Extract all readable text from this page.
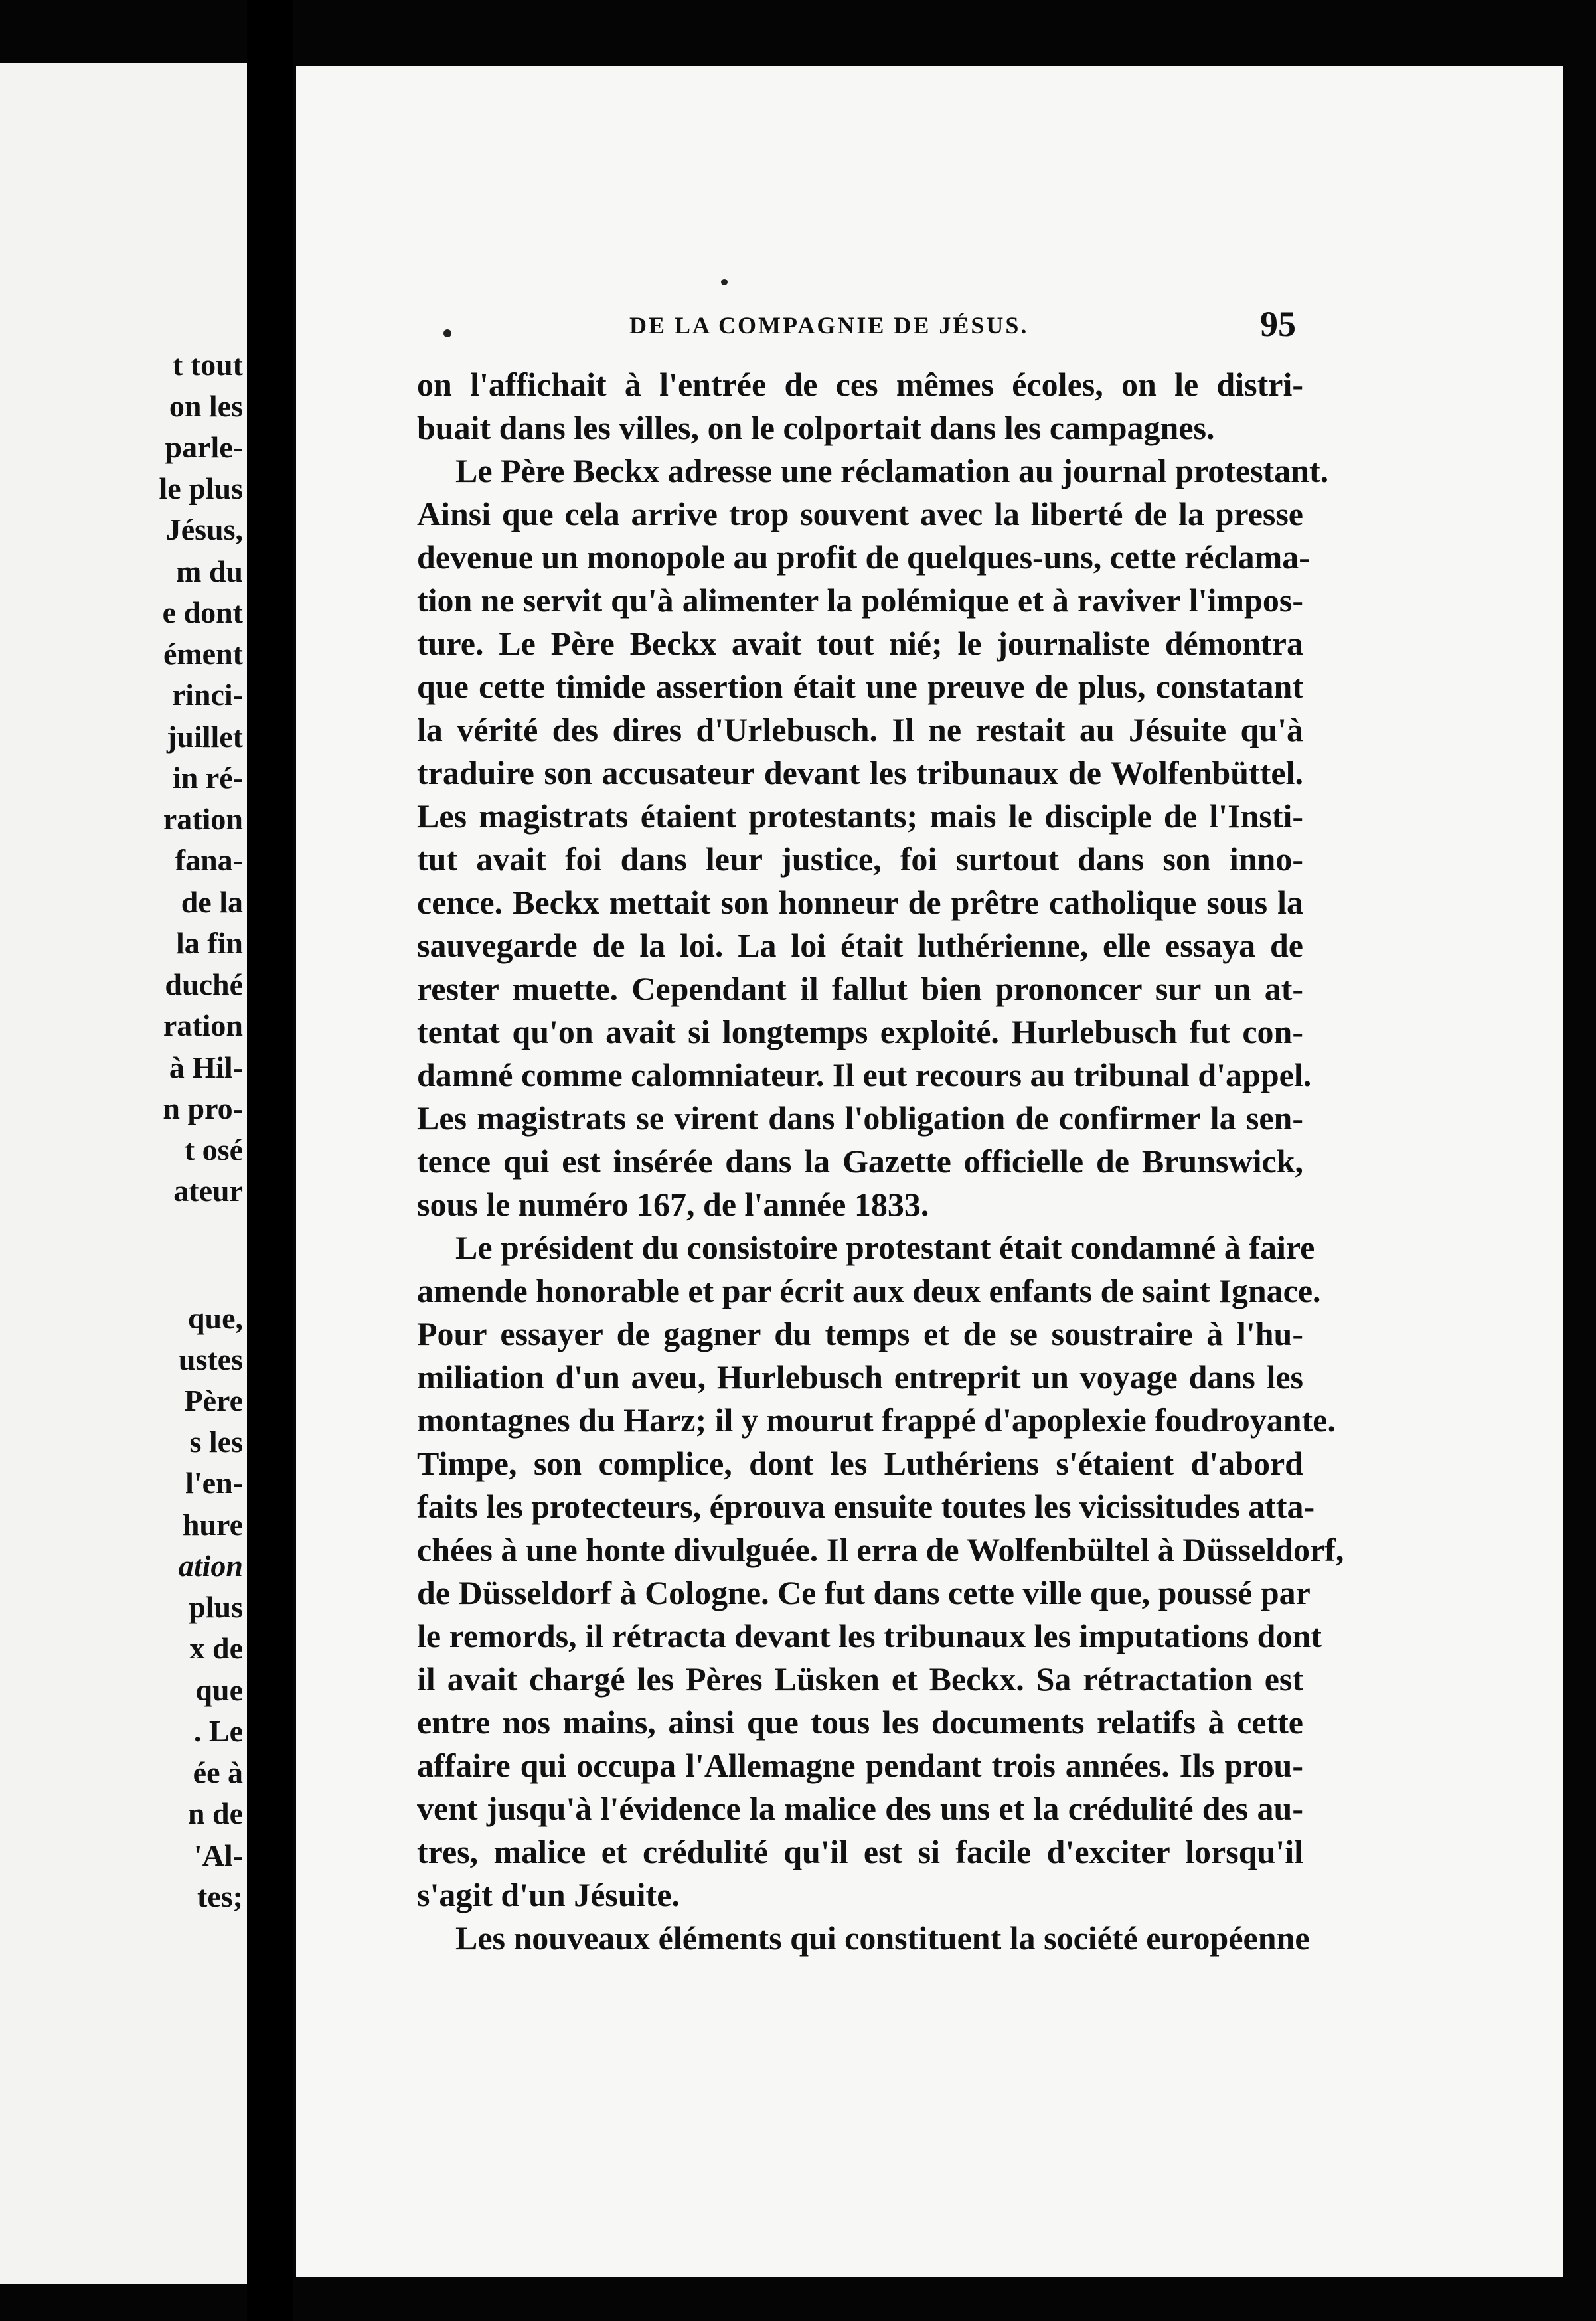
t tout
on les
parle-
le plus
Jésus,
m du
e dont
ément
rinci-
juillet
in ré-
ration
fana-
de la
la fin
duché
ration
à Hil-
n pro-
t osé
ateur
que,
ustes
Père
s les
l'en-
hure
ation
plus
x de
que
. Le
ée à
n de
'Al-
tes;
DE LA COMPAGNIE DE JÉSUS.	95
on l'affichait à l'entrée de ces mêmes écoles, on le distri-
buait dans les villes, on le colportait dans les campagnes.
Le Père Beckx adresse une réclamation au journal protestant.
Ainsi que cela arrive trop souvent avec la liberté de la presse
devenue un monopole au profit de quelques-uns, cette réclama-
tion ne servit qu'à alimenter la polémique et à raviver l'impos-
ture. Le Père Beckx avait tout nié; le journaliste démontra
que cette timide assertion était une preuve de plus, constatant
la vérité des dires d'Urlebusch. Il ne restait au Jésuite qu'à
traduire son accusateur devant les tribunaux de Wolfenbüttel.
Les magistrats étaient protestants; mais le disciple de l'Insti-
tut avait foi dans leur justice, foi surtout dans son inno-
cence. Beckx mettait son honneur de prêtre catholique sous la
sauvegarde de la loi. La loi était luthérienne, elle essaya de
rester muette. Cependant il fallut bien prononcer sur un at-
tentat qu'on avait si longtemps exploité. Hurlebusch fut con-
damné comme calomniateur. Il eut recours au tribunal d'appel.
Les magistrats se virent dans l'obligation de confirmer la sen-
tence qui est insérée dans la Gazette officielle de Brunswick,
sous le numéro 167, de l'année 1833.
Le président du consistoire protestant était condamné à faire
amende honorable et par écrit aux deux enfants de saint Ignace.
Pour essayer de gagner du temps et de se soustraire à l'hu-
miliation d'un aveu, Hurlebusch entreprit un voyage dans les
montagnes du Harz; il y mourut frappé d'apoplexie foudroyante.
Timpe, son complice, dont les Luthériens s'étaient d'abord
faits les protecteurs, éprouva ensuite toutes les vicissitudes atta-
chées à une honte divulguée. Il erra de Wolfenbültel à Düsseldorf,
de Düsseldorf à Cologne. Ce fut dans cette ville que, poussé par
le remords, il rétracta devant les tribunaux les imputations dont
il avait chargé les Pères Lüsken et Beckx. Sa rétractation est
entre nos mains, ainsi que tous les documents relatifs à cette
affaire qui occupa l'Allemagne pendant trois années. Ils prou-
vent jusqu'à l'évidence la malice des uns et la crédulité des au-
tres, malice et crédulité qu'il est si facile d'exciter lorsqu'il
s'agit d'un Jésuite.
Les nouveaux éléments qui constituent la société européenne
